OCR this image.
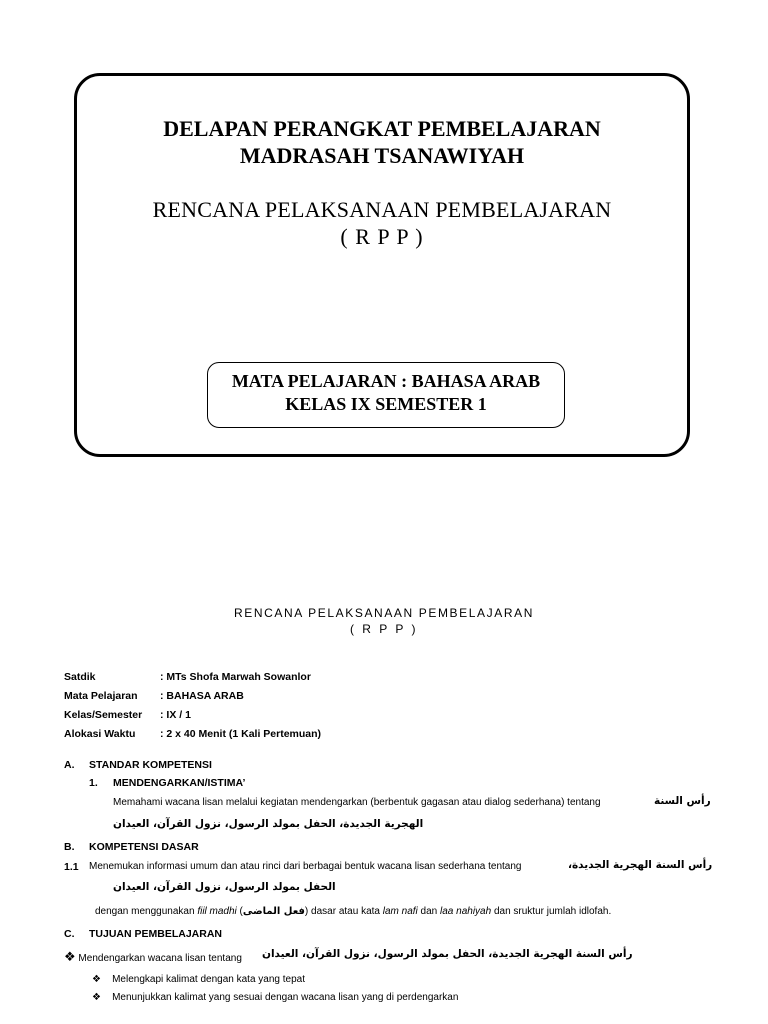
DELAPAN PERANGKAT PEMBELAJARAN
MADRASAH TSANAWIYAH
RENCANA PELAKSANAAN PEMBELAJARAN
( R P P )
MATA PELAJARAN : BAHASA ARAB
KELAS IX SEMESTER 1
RENCANA PELAKSANAAN PEMBELAJARAN
( R P P )
Satdik	: MTs Shofa Marwah Sowanlor
Mata Pelajaran : BAHASA ARAB
Kelas/Semester : IX / 1
Alokasi Waktu : 2 x 40 Menit (1 Kali Pertemuan)
A. STANDAR KOMPETENSI
1. MENDENGARKAN/ISTIMA’
Memahami wacana lisan melalui kegiatan mendengarkan (berbentuk gagasan atau dialog sederhana) tentang	رأس السنة
الهجرية الجديدة، الحفل بمولد الرسول، نزول القرآن، العيدان
B. KOMPETENSI DASAR
1.1 Menemukan informasi umum dan atau rinci dari berbagai bentuk wacana lisan sederhana tentang	رأس السنة الهجرية الجديدة،
الحفل بمولد الرسول، نزول القرآن، العيدان
dengan menggunakan fiil madhi (فعل الماضى) dasar atau kata lam nafi dan laa nahiyah dan sruktur jumlah idlofah.
C. TUJUAN PEMBELAJARAN
❖ Mendengarkan wacana lisan tentang رأس السنة الهجرية الجديدة، الحفل بمولد الرسول، نزول القرآن، العيدان
❖ Melengkapi kalimat dengan kata yang tepat
❖ Menunjukkan kalimat yang sesuai dengan wacana lisan yang di perdengarkan
